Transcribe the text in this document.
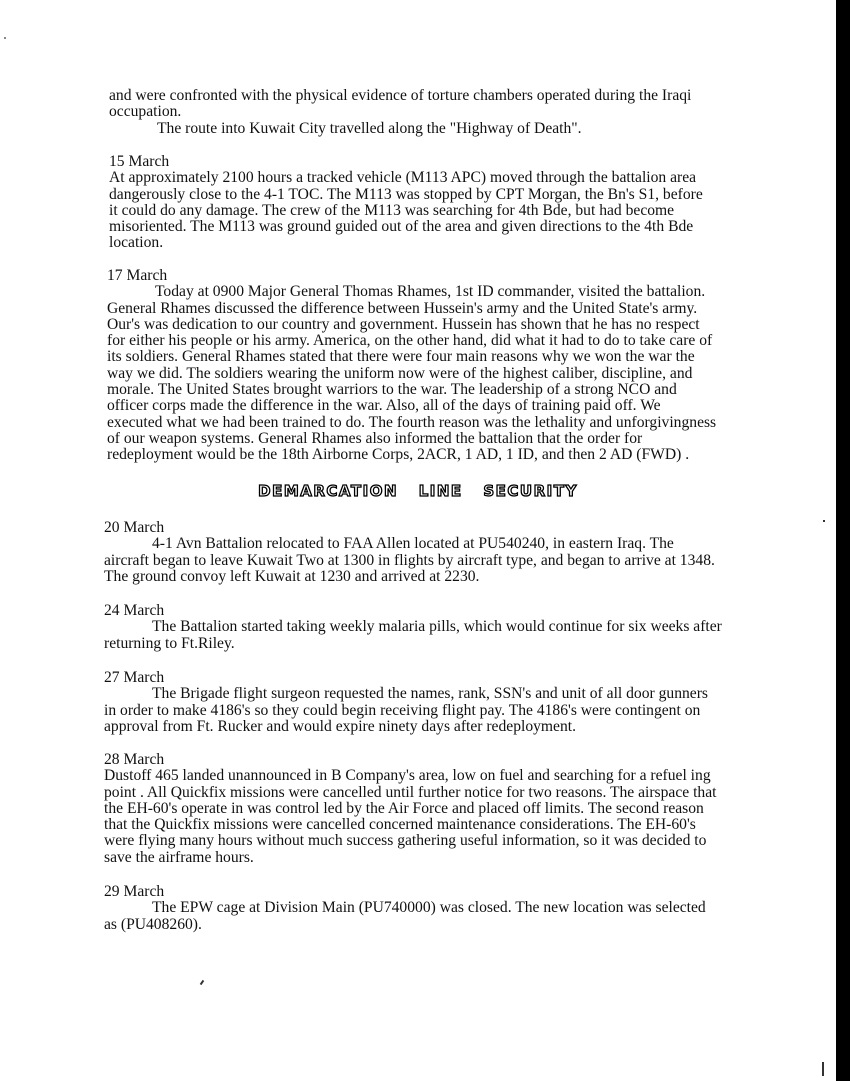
and were confronted with the physical evidence of torture chambers operated during the Iraqi
occupation.
The route into Kuwait City travelled along the "Highway of Death".
15 March
At approximately 2100 hours a tracked vehicle (M113 APC) moved through the battalion area
dangerously close to the 4-1 TOC. The M113 was stopped by CPT Morgan, the Bn's S1, before
it could do any damage. The crew of the M113 was searching for 4th Bde, but had become
misoriented. The M113 was ground guided out of the area and given directions to the 4th Bde
location.
17 March
Today at 0900 Major General Thomas Rhames, 1st ID commander, visited the battalion.
General Rhames discussed the difference between Hussein's army and the United State's army.
Our's was dedication to our country and government. Hussein has shown that he has no respect
for either his people or his army. America, on the other hand, did what it had to do to take care of
its soldiers. General Rhames stated that there were four main reasons why we won the war the
way we did. The soldiers wearing the uniform now were of the highest caliber, discipline, and
morale. The United States brought warriors to the war. The leadership of a strong NCO and
officer corps made the difference in the war. Also, all of the days of training paid off. We
executed what we had been trained to do. The fourth reason was the lethality and unforgivingness
of our weapon systems. General Rhames also informed the battalion that the order for
redeployment would be the 18th Airborne Corps, 2ACR, 1 AD, 1 ID, and then 2 AD (FWD) .
DEMARCATION LINE SECURITY
20 March
4-1 Avn Battalion relocated to FAA Allen located at PU540240, in eastern Iraq. The
aircraft began to leave Kuwait Two at 1300 in flights by aircraft type, and began to arrive at 1348.
The ground convoy left Kuwait at 1230 and arrived at 2230.
24 March
The Battalion started taking weekly malaria pills, which would continue for six weeks after
returning to Ft.Riley.
27 March
The Brigade flight surgeon requested the names, rank, SSN's and unit of all door gunners
in order to make 4186's so they could begin receiving flight pay. The 4186's were contingent on
approval from Ft. Rucker and would expire ninety days after redeployment.
28 March
Dustoff 465 landed unannounced in B Company's area, low on fuel and searching for a refuel ing
point . All Quickfix missions were cancelled until further notice for two reasons. The airspace that
the EH-60's operate in was control led by the Air Force and placed off limits. The second reason
that the Quickfix missions were cancelled concerned maintenance considerations. The EH-60's
were flying many hours without much success gathering useful information, so it was decided to
save the airframe hours.
29 March
The EPW cage at Division Main (PU740000) was closed. The new location was selected
as (PU408260).
